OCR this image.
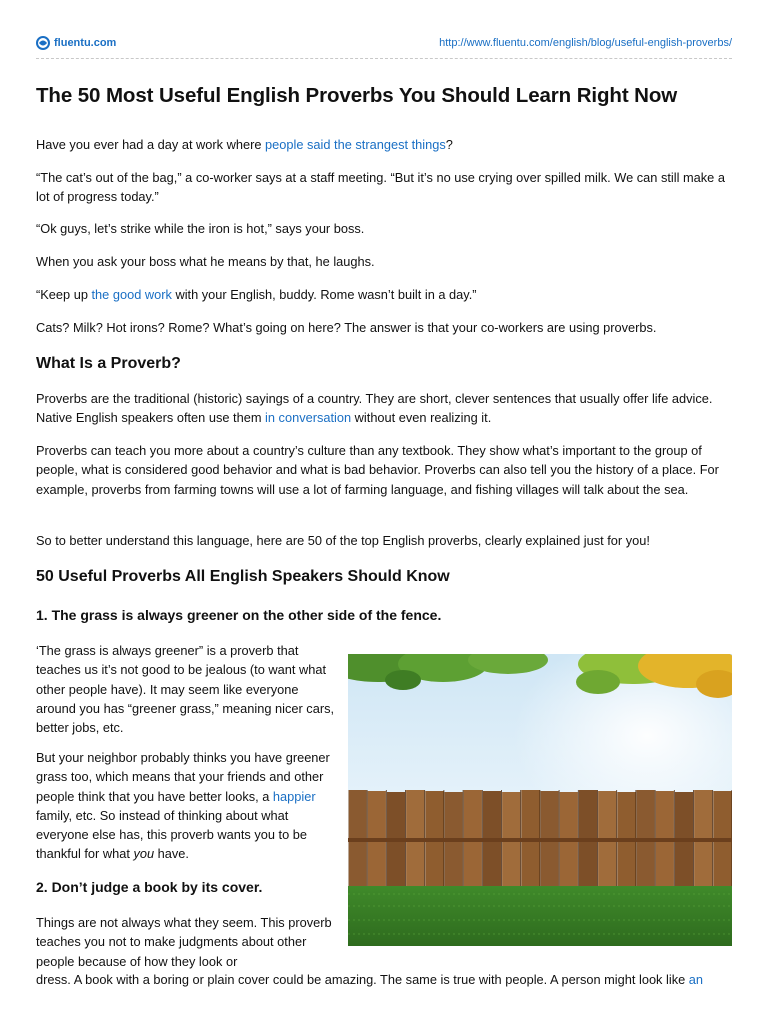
fluentu.com	http://www.fluentu.com/english/blog/useful-english-proverbs/
The 50 Most Useful English Proverbs You Should Learn Right Now

Have you ever had a day at work where people said the strangest things?

“The cat’s out of the bag,” a co-worker says at a staff meeting. “But it’s no use crying over spilled milk. We can still make a lot of progress today.”

“Ok guys, let’s strike while the iron is hot,” says your boss.

When you ask your boss what he means by that, he laughs.

“Keep up the good work with your English, buddy. Rome wasn’t built in a day.”

Cats? Milk? Hot irons? Rome? What’s going on here? The answer is that your co-workers are using proverbs.

What Is a Proverb?

Proverbs are the traditional (historic) sayings of a country. They are short, clever sentences that usually offer life advice. Native English speakers often use them in conversation without even realizing it.

Proverbs can teach you more about a country’s culture than any textbook. They show what’s important to the group of people, what is considered good behavior and what is bad behavior. Proverbs can also tell you the history of a place. For example, proverbs from farming towns will use a lot of farming language, and fishing villages will talk about the sea.

So to better understand this language, here are 50 of the top English proverbs, clearly explained just for you!

50 Useful Proverbs All English Speakers Should Know
1. The grass is always greener on the other side of the fence.

‘The grass is always greener” is a proverb that teaches us it’s not good to be jealous (to want what other people have). It may seem like everyone around you has “greener grass,” meaning nicer cars, better jobs, etc.

But your neighbor probably thinks you have greener grass too, which means that your friends and other people think that you have better looks, a happier family, etc. So instead of thinking about what everyone else has, this proverb wants you to be thankful for what you have.

2. Don’t judge a book by its cover.

Things are not always what they seem. This proverb teaches you not to make judgments about other people because of how they look or

dress. A book with a boring or plain cover could be amazing. The same is true with people. A person might look like an
